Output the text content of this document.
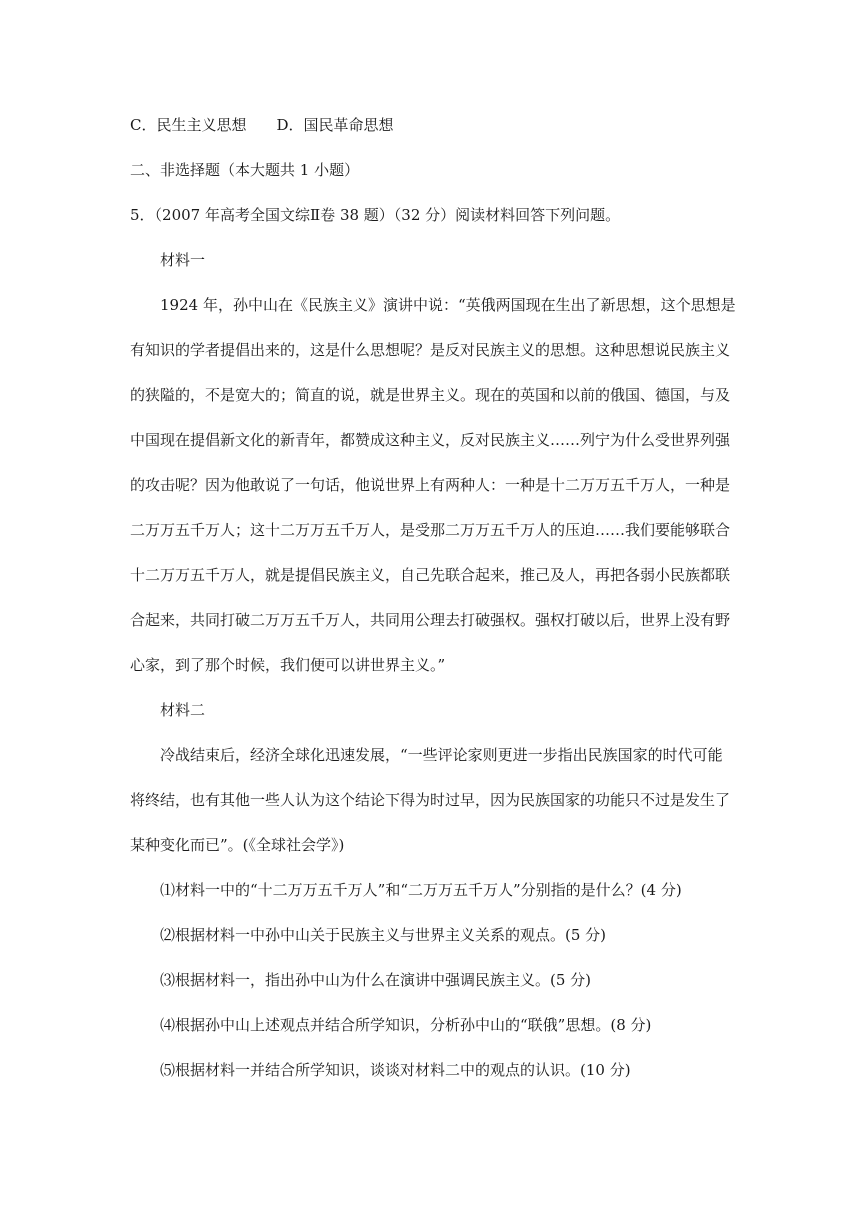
C．民生主义思想 D．国民革命思想
二、非选择题（本大题共 1 小题）
5．（2007 年高考全国文综Ⅱ卷 38 题）（32 分）阅读材料回答下列问题。
材料一
1924 年，孙中山在《民族主义》演讲中说：“英俄两国现在生出了新思想，这个思想是
有知识的学者提倡出来的，这是什么思想呢？是反对民族主义的思想。这种思想说民族主义
的狭隘的，不是宽大的；简直的说，就是世界主义。现在的英国和以前的俄国、德国，与及
中国现在提倡新文化的新青年，都赞成这种主义，反对民族主义……列宁为什么受世界列强
的攻击呢？因为他敢说了一句话，他说世界上有两种人：一种是十二万万五千万人，一种是
二万万五千万人；这十二万万五千万人，是受那二万万五千万人的压迫……我们要能够联合
十二万万五千万人，就是提倡民族主义，自己先联合起来，推己及人，再把各弱小民族都联
合起来，共同打破二万万五千万人，共同用公理去打破强权。强权打破以后，世界上没有野
心家，到了那个时候，我们便可以讲世界主义。”
材料二
冷战结束后，经济全球化迅速发展，“一些评论家则更进一步指出民族国家的时代可能
将终结，也有其他一些人认为这个结论下得为时过早，因为民族国家的功能只不过是发生了
某种变化而已”。(《全球社会学》)
⑴材料一中的“十二万万五千万人”和“二万万五千万人”分别指的是什么？(4 分)
⑵根据材料一中孙中山关于民族主义与世界主义关系的观点。(5 分)
⑶根据材料一，指出孙中山为什么在演讲中强调民族主义。(5 分)
⑷根据孙中山上述观点并结合所学知识，分析孙中山的“联俄”思想。(8 分)
⑸根据材料一并结合所学知识，谈谈对材料二中的观点的认识。(10 分)
